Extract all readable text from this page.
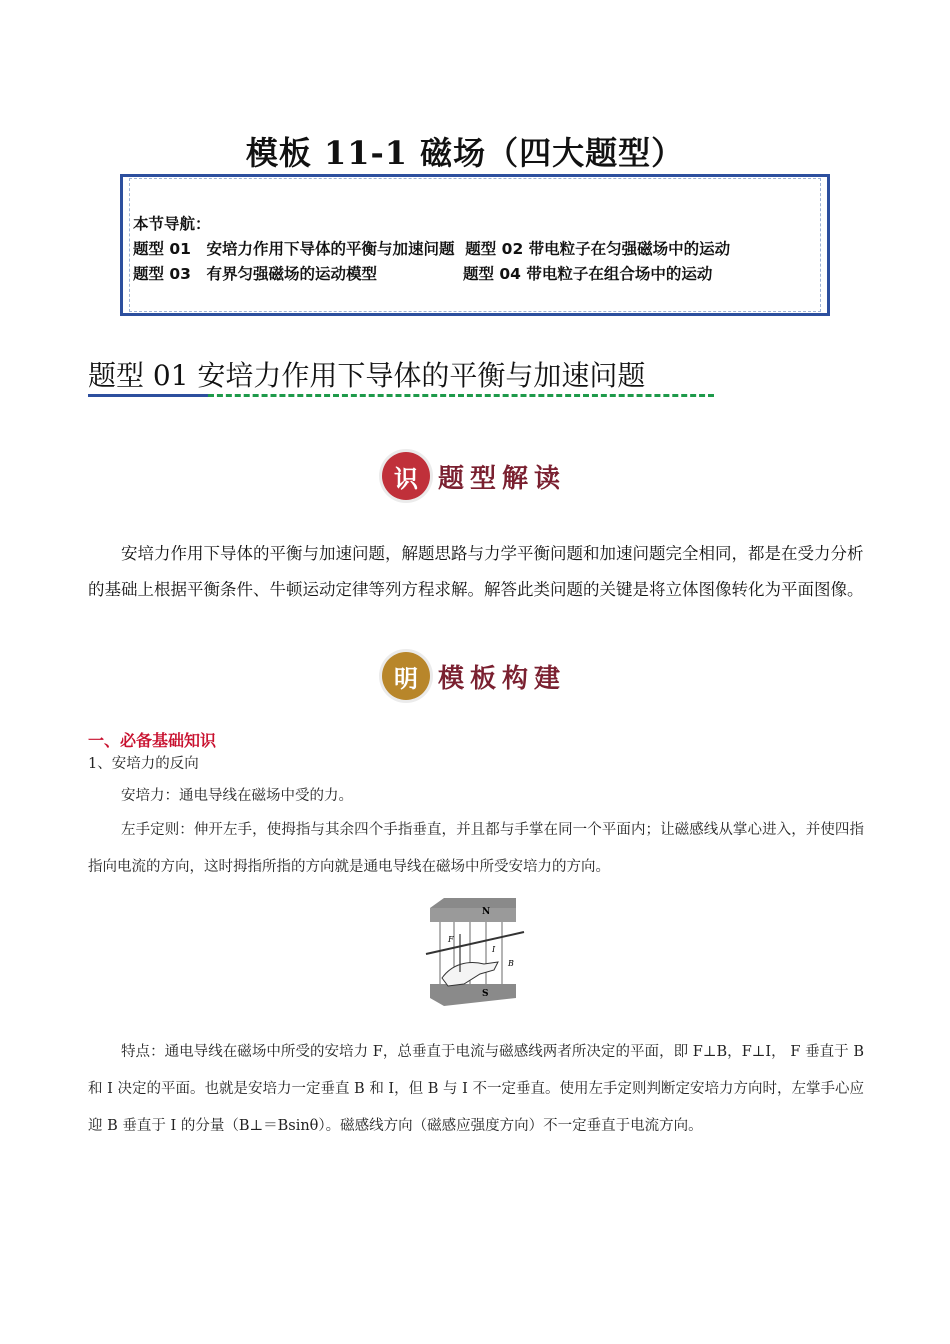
模板 11-1 磁场（四大题型）
本节导航：
题型 01　安培力作用下导体的平衡与加速问题 题型 02 带电粒子在匀强磁场中的运动
题型 03　有界匀强磁场的运动模型	题型 04 带电粒子在组合场中的运动
题型 01 安培力作用下导体的平衡与加速问题
识 题型解读

安培力作用下导体的平衡与加速问题，解题思路与力学平衡问题和加速问题完全相同，都是在受力分析的基础上根据平衡条件、牛顿运动定律等列方程求解。解答此类问题的关键是将立体图像转化为平面图像。

明 模板构建
一、必备基础知识
1、安培力的反向

安培力：通电导线在磁场中受的力。

左手定则：伸开左手，使拇指与其余四个手指垂直，并且都与手掌在同一个平面内；让磁感线从掌心进入，并使四指指向电流的方向，这时拇指所指的方向就是通电导线在磁场中所受安培力的方向。

N
S
F
I
B

特点：通电导线在磁场中所受的安培力 F，总垂直于电流与磁感线两者所决定的平面，即 F⊥B，F⊥I， F 垂直于 B 和 I 决定的平面。也就是安培力一定垂直 B 和 I，但 B 与 I 不一定垂直。使用左手定则判断定安培力方向时，左掌手心应迎 B 垂直于 I 的分量（B⊥＝Bsinθ）。磁感线方向（磁感应强度方向）不一定垂直于电流方向。
